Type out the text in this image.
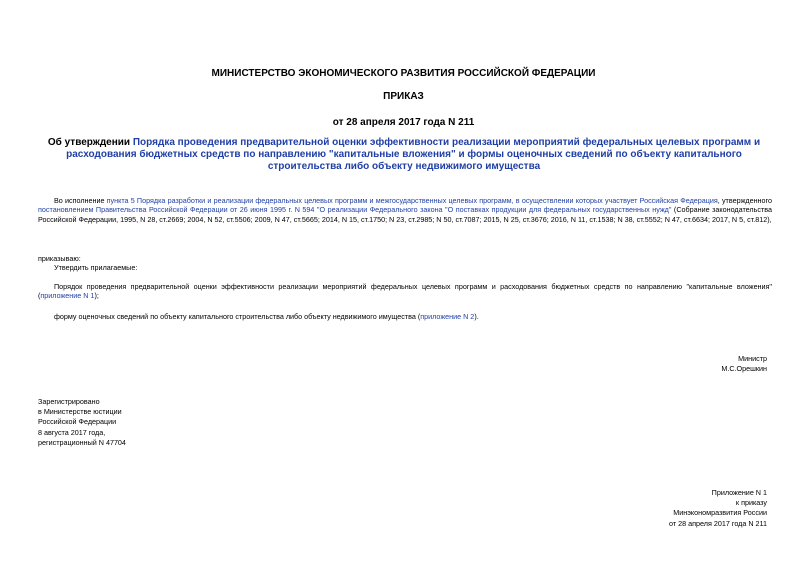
МИНИСТЕРСТВО ЭКОНОМИЧЕСКОГО РАЗВИТИЯ РОССИЙСКОЙ ФЕДЕРАЦИИ
ПРИКАЗ
от 28 апреля 2017 года N 211
Об утверждении Порядка проведения предварительной оценки эффективности реализации мероприятий федеральных целевых программ и расходования бюджетных средств по направлению "капитальные вложения" и формы оценочных сведений по объекту капитального строительства либо объекту недвижимого имущества
Во исполнение пункта 5 Порядка разработки и реализации федеральных целевых программ и межгосударственных целевых программ, в осуществлении которых участвует Российская Федерация, утвержденного постановлением Правительства Российской Федерации от 26 июня 1995 г. N 594 "О реализации Федерального закона "О поставках продукции для федеральных государственных нужд" (Собрание законодательства Российской Федерации, 1995, N 28, ст.2669; 2004, N 52, ст.5506; 2009, N 47, ст.5665; 2014, N 15, ст.1750; N 23, ст.2985; N 50, ст.7087; 2015, N 25, ст.3676; 2016, N 11, ст.1538; N 38, ст.5552; N 47, ст.6634; 2017, N 5, ст.812),
приказываю:
Утвердить прилагаемые:
Порядок проведения предварительной оценки эффективности реализации мероприятий федеральных целевых программ и расходования бюджетных средств по направлению "капитальные вложения" (приложение N 1);
форму оценочных сведений по объекту капитального строительства либо объекту недвижимого имущества (приложение N 2).
Министр
М.С.Орешкин
Зарегистрировано
в Министерстве юстиции
Российской Федерации
8 августа 2017 года,
регистрационный N 47704
Приложение N 1
к приказу
Минэкономразвития России
от 28 апреля 2017 года N 211
